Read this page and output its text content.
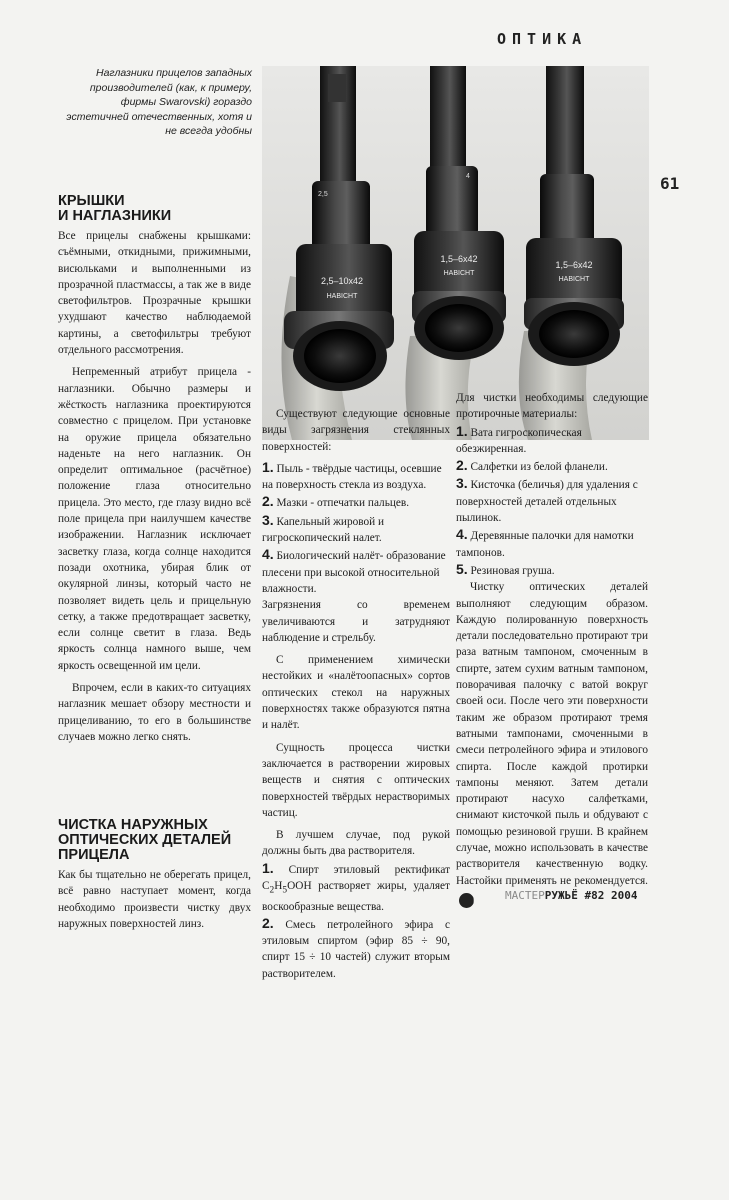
ОПТИКА
61
Наглазники прицелов западных производителей (как, к примеру, фирмы Swarovski) гораздо эстетичней отечественных, хотя и не всегда удобны
2,5–10x42
HABICHT
2,5
1,5–6x42
HABICHT
4
1,5–6x42
HABICHT
КРЫШКИ
И НАГЛАЗНИКИ

Все прицелы снабжены крышками: съёмными, откидными, прижимными, висюльками и выполненными из прозрачной пластмассы, а так же в виде светофильтров. Прозрачные крышки ухудшают качество наблюдаемой картины, а светофильтры требуют отдельного рассмотрения.

Непременный атрибут прицела - наглазники. Обычно размеры и жёсткость наглазника проектируются совместно с прицелом. При установке на оружие прицела обязательно наденьте на него наглазник. Он определит оптимальное (расчётное) положение глаза относительно прицела. Это место, где глазу видно всё поле прицела при наилучшем качестве изображении. Наглазник исключает засветку глаза, когда солнце находится позади охотника, убирая блик от окулярной линзы, который часто не позволяет видеть цель и прицельную сетку, а также предотвращает засветку, если солнце светит в глаза. Ведь яркость солнца намного выше, чем яркость освещенной им цели.

Впрочем, если в каких-то ситуациях наглазник мешает обзору местности и прицеливанию, то его в большинстве случаев можно легко снять.

ЧИСТКА НАРУЖНЫХ
ОПТИЧЕСКИХ ДЕТАЛЕЙ
ПРИЦЕЛА

Как бы тщательно не оберегать прицел, всё равно наступает момент, когда необходимо произвести чистку двух наружных поверхностей линз.

Существуют следующие основные виды загрязнения стеклянных поверхностей:

1. Пыль - твёрдые частицы, осевшие на поверхность стекла из воздуха.
2. Мазки - отпечатки пальцев.
3. Капельный жировой и гигроскопический налет.
4. Биологический налёт- образование плесени при высокой относительной влажности.

Загрязнения со временем увеличиваются и затрудняют наблюдение и стрельбу.

С применением химически нестойких и «налётоопасных» сортов оптических стекол на наружных поверхностях также образуются пятна и налёт.

Сущность процесса чистки заключается в растворении жировых веществ и снятия с оптических поверхностей твёрдых нерастворимых частиц.

В лучшем случае, под рукой должны быть два растворителя.

1. Спирт этиловый ректификат $C_2H_5OOH$ растворяет жиры, удаляет воскообразные вещества.
2. Смесь петролейного эфира с этиловым спиртом (эфир 85 ÷ 90, спирт 15 ÷ 10 частей) служит вторым растворителем.

Для чистки необходимы следующие протирочные материалы:

1. Вата гигроскопическая обезжиренная.
2. Салфетки из белой фланели.
3. Кисточка (беличья) для удаления с поверхностей деталей отдельных пылинок.
4. Деревянные палочки для намотки тампонов.
5. Резиновая груша.

Чистку оптических деталей выполняют следующим образом. Каждую полированную поверхность детали последовательно протирают три раза ватным тампоном, смоченным в спирте, затем сухим ватным тампоном, поворачивая палочку с ватой вокруг своей оси. После чего эти поверхности таким же образом протирают тремя ватными тампонами, смоченными в смеси петролейного эфира и этилового спирта. После каждой протирки тампоны меняют. Затем детали протирают насухо салфетками, снимают кисточкой пыль и обдувают с помощью резиновой груши. В крайнем случае, можно использовать в качестве растворителя качественную водку. Настойки применять не рекомендуется.М	МАСТЕРРУЖЬЁ #82 2004
